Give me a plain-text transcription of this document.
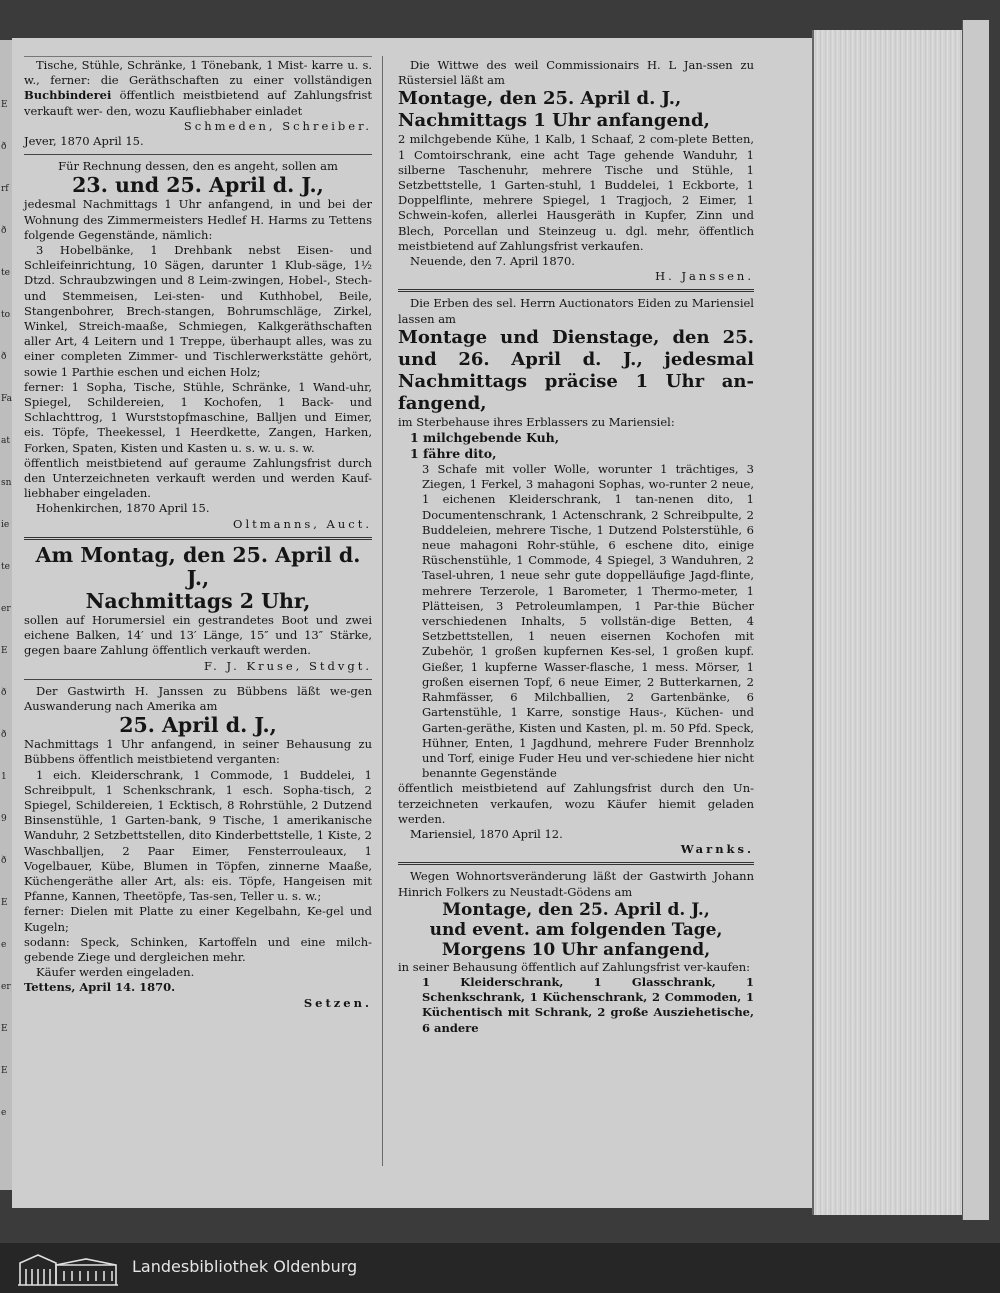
E
ð
rf
ð
te
to
ð
Fa
at
sn
ie
te
er
E
ð
ð
1
9
ð
E
e
er
E
E
e
Tische, Stühle, Schränke, 1 Tönebank, 1 Mist- karre u. s. w., ferner: die Geräthschaften zu einer vollständigen Buchbinderei öffentlich meistbietend auf Zahlungsfrist verkauft wer- den, wozu Kaufliebhaber einladet
Schmeden, Schreiber.
Jever, 1870 April 15.
Für Rechnung dessen, den es angeht, sollen am
23. und 25. April d. J.,
jedesmal Nachmittags 1 Uhr anfangend, in und bei der Wohnung des Zimmermeisters Hedlef H. Harms zu Tettens folgende Gegenstände, nämlich:
3 Hobelbänke, 1 Drehbank nebst Eisen- und Schleifeinrichtung, 10 Sägen, darunter 1 Klub-säge, 1½ Dtzd. Schraubzwingen und 8 Leim-zwingen, Hobel-, Stech- und Stemmeisen, Lei-sten- und Kuthhobel, Beile, Stangenbohrer, Brech-stangen, Bohrumschläge, Zirkel, Winkel, Streich-maaße, Schmiegen, Kalkgeräthschaften aller Art, 4 Leitern und 1 Treppe, überhaupt alles, was zu einer completen Zimmer- und Tischlerwerkstätte gehört, sowie 1 Parthie eschen und eichen Holz;
ferner: 1 Sopha, Tische, Stühle, Schränke, 1 Wand-uhr, Spiegel, Schildereien, 1 Kochofen, 1 Back- und Schlachttrog, 1 Wurststopfmaschine, Balljen und Eimer, eis. Töpfe, Theekessel, 1 Heerdkette, Zangen, Harken, Forken, Spaten, Kisten und Kasten u. s. w. u. s. w.
öffentlich meistbietend auf geraume Zahlungsfrist durch den Unterzeichneten verkauft werden und werden Kauf-liebhaber eingeladen.
Hohenkirchen, 1870 April 15.
Oltmanns, Auct.
Am Montag, den 25. April d. J.,
Nachmittags 2 Uhr,
sollen auf Horumersiel ein gestrandetes Boot und zwei eichene Balken, 14′ und 13′ Länge, 15″ und 13″ Stärke, gegen baare Zahlung öffentlich verkauft werden.
F. J. Kruse, Stdvgt.
Der Gastwirth H. Janssen zu Bübbens läßt we-gen Auswanderung nach Amerika am
25. April d. J.,
Nachmittags 1 Uhr anfangend, in seiner Behausung zu Bübbens öffentlich meistbietend verganten:
1 eich. Kleiderschrank, 1 Commode, 1 Buddelei, 1 Schreibpult, 1 Schenkschrank, 1 esch. Sopha-tisch, 2 Spiegel, Schildereien, 1 Ecktisch, 8 Rohrstühle, 2 Dutzend Binsenstühle, 1 Garten-bank, 9 Tische, 1 amerikanische Wanduhr, 2 Setzbettstellen, dito Kinderbettstelle, 1 Kiste, 2 Waschballjen, 2 Paar Eimer, Fensterrouleaux, 1 Vogelbauer, Kübe, Blumen in Töpfen, zinnerne Maaße, Küchengeräthe aller Art, als: eis. Töpfe, Hangeisen mit Pfanne, Kannen, Theetöpfe, Tas-sen, Teller u. s. w.;
ferner: Dielen mit Platte zu einer Kegelbahn, Ke-gel und Kugeln;
sodann: Speck, Schinken, Kartoffeln und eine milch-gebende Ziege und dergleichen mehr.
Käufer werden eingeladen.
Tettens, April 14. 1870.
Setzen.
Die Wittwe des weil Commissionairs H. L Jan-ssen zu Rüstersiel läßt am
Montage, den 25. April d. J.,
Nachmittags 1 Uhr anfangend,
2 milchgebende Kühe, 1 Kalb, 1 Schaaf, 2 com-plete Betten, 1 Comtoirschrank, eine acht Tage gehende Wanduhr, 1 silberne Taschenuhr, mehrere Tische und Stühle, 1 Setzbettstelle, 1 Garten-stuhl, 1 Buddelei, 1 Eckborte, 1 Doppelflinte, mehrere Spiegel, 1 Tragjoch, 2 Eimer, 1 Schwein-kofen, allerlei Hausgeräth in Kupfer, Zinn und Blech, Porcellan und Steinzeug u. dgl. mehr, öffentlich meistbietend auf Zahlungsfrist verkaufen.
Neuende, den 7. April 1870.
H. Janssen.
Die Erben des sel. Herrn Auctionators Eiden zu Mariensiel lassen am
Montage und Dienstage, den 25. und 26. April d. J., jedesmal Nachmittags präcise 1 Uhr an-fangend,
im Sterbehause ihres Erblassers zu Mariensiel:
1 milchgebende Kuh,
1 fähre dito,
3 Schafe mit voller Wolle, worunter 1 trächtiges, 3 Ziegen, 1 Ferkel, 3 mahagoni Sophas, wo-runter 2 neue, 1 eichenen Kleiderschrank, 1 tan-nenen dito, 1 Documentenschrank, 1 Actenschrank, 2 Schreibpulte, 2 Buddeleien, mehrere Tische, 1 Dutzend Polsterstühle, 6 neue mahagoni Rohr-stühle, 6 eschene dito, einige Rüschenstühle, 1 Commode, 4 Spiegel, 3 Wanduhren, 2 Tasel-uhren, 1 neue sehr gute doppelläufige Jagd-flinte, mehrere Terzerole, 1 Barometer, 1 Thermo-meter, 1 Plätteisen, 3 Petroleumlampen, 1 Par-thie Bücher verschiedenen Inhalts, 5 vollstän-dige Betten, 4 Setzbettstellen, 1 neuen eisernen Kochofen mit Zubehör, 1 großen kupfernen Kes-sel, 1 großen kupf. Gießer, 1 kupferne Wasser-flasche, 1 mess. Mörser, 1 großen eisernen Topf, 6 neue Eimer, 2 Butterkarnen, 2 Rahmfässer, 6 Milchballien, 2 Gartenbänke, 6 Gartenstühle, 1 Karre, sonstige Haus-, Küchen- und Garten-geräthe, Kisten und Kasten, pl. m. 50 Pfd. Speck, Hühner, Enten, 1 Jagdhund, mehrere Fuder Brennholz und Torf, einige Fuder Heu und ver-schiedene hier nicht benannte Gegenstände
öffentlich meistbietend auf Zahlungsfrist durch den Un-terzeichneten verkaufen, wozu Käufer hiemit geladen werden.
Mariensiel, 1870 April 12.
Warnks.
Wegen Wohnortsveränderung läßt der Gastwirth Johann Hinrich Folkers zu Neustadt-Gödens am
Montage, den 25. April d. J.,
und event. am folgenden Tage,
Morgens 10 Uhr anfangend,
in seiner Behausung öffentlich auf Zahlungsfrist ver-kaufen:
1 Kleiderschrank, 1 Glasschrank, 1 Schenkschrank, 1 Küchenschrank, 2 Commoden, 1 Küchentisch mit Schrank, 2 große Ausziehetische, 6 andere
Landesbibliothek Oldenburg
